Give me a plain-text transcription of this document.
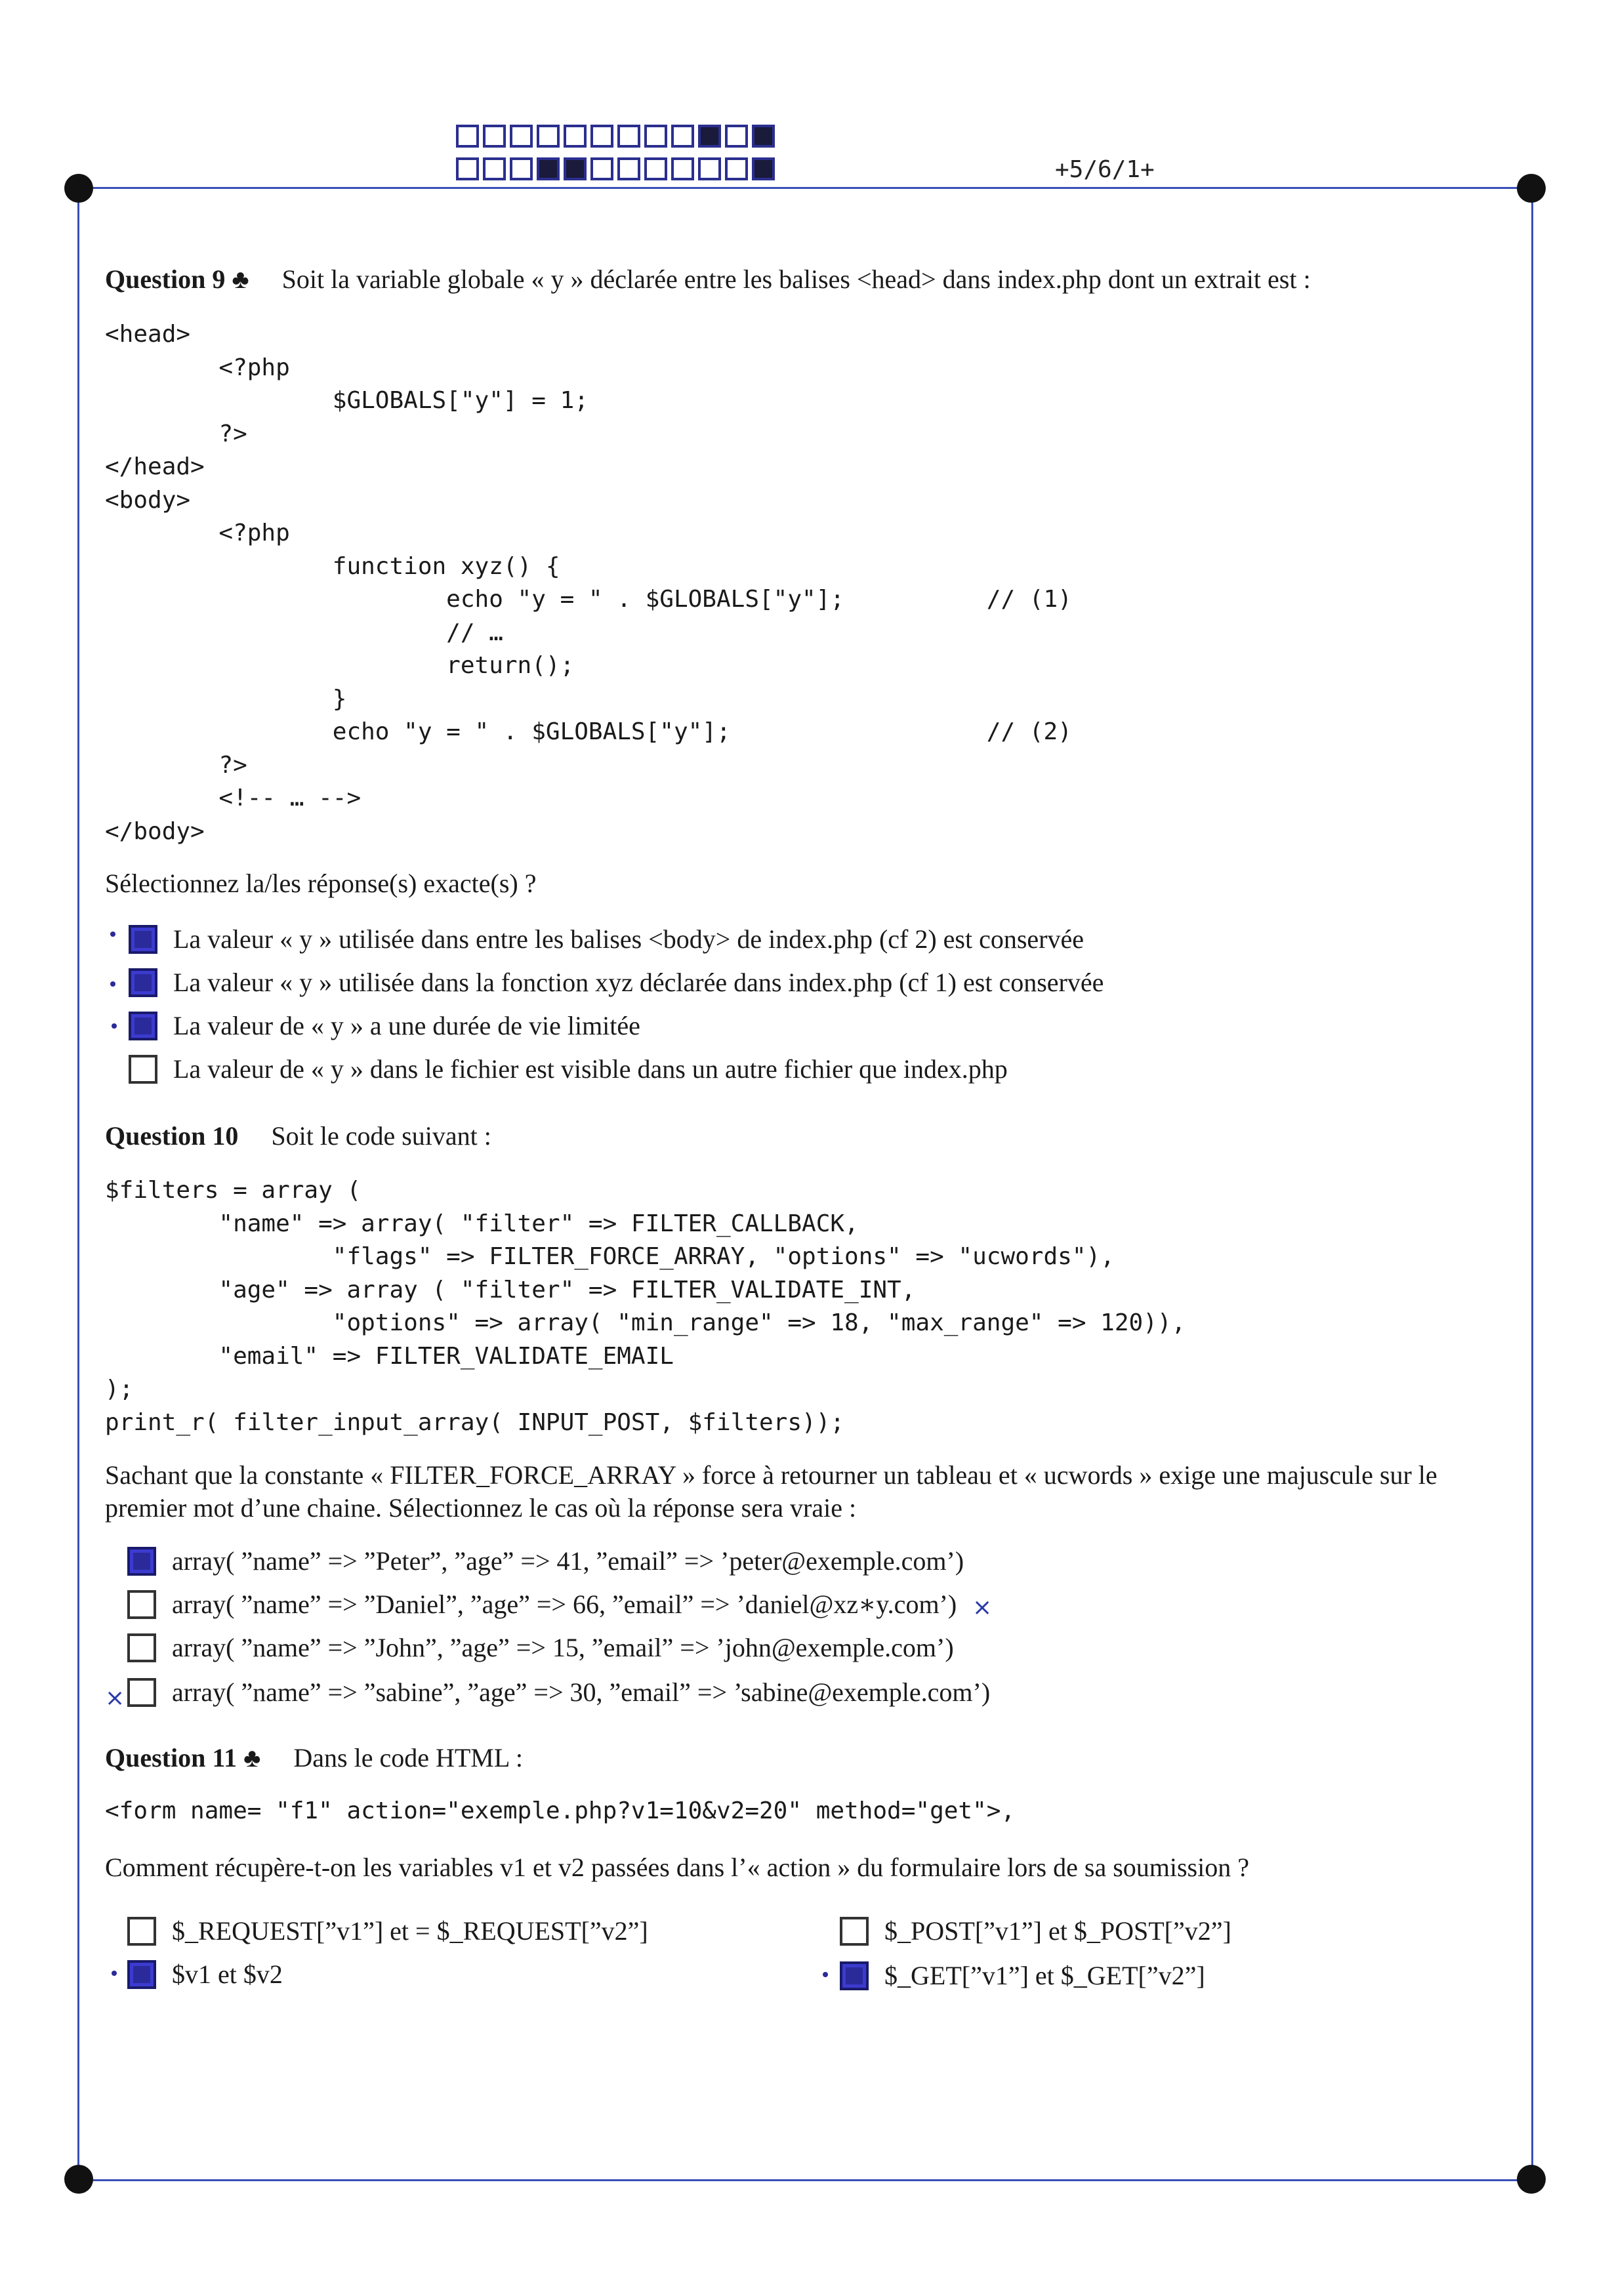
+5/6/1+
Question 9 ♣ Soit la variable globale « y » déclarée entre les balises <head> dans index.php dont un extrait est :
<head>
<?php
$GLOBALS["y"] = 1;
?>
</head>
<body>
<?php
function xyz() {
echo "y = " . $GLOBALS["y"];          // (1)
// …
return();
}
echo "y = " . $GLOBALS["y"];                  // (2)
?>
<!-- … -->
</body>
Sélectionnez la/les réponse(s) exacte(s) ?
La valeur « y » utilisée dans entre les balises <body> de index.php (cf 2) est conservée
La valeur « y » utilisée dans la fonction xyz déclarée dans index.php (cf 1) est conservée
La valeur de « y » a une durée de vie limitée
La valeur de « y » dans le fichier est visible dans un autre fichier que index.php
Question 10 Soit le code suivant :
$filters = array (
"name" => array( "filter" => FILTER_CALLBACK,
"flags" => FILTER_FORCE_ARRAY, "options" => "ucwords"),
"age" => array ( "filter" => FILTER_VALIDATE_INT,
"options" => array( "min_range" => 18, "max_range" => 120)),
"email" => FILTER_VALIDATE_EMAIL
);
print_r( filter_input_array( INPUT_POST, $filters));
Sachant que la constante « FILTER_FORCE_ARRAY » force à retourner un tableau et « ucwords » exige une majuscule sur le
premier mot d’une chaine. Sélectionnez le cas où la réponse sera vraie :
array( ”name” => ”Peter”, ”age” => 41, ”email” => ’peter@exemple.com’)
array( ”name” => ”Daniel”, ”age” => 66, ”email” => ’daniel@xz∗y.com’)
array( ”name” => ”John”, ”age” => 15, ”email” => ’john@exemple.com’)
array( ”name” => ”sabine”, ”age” => 30, ”email” => ’sabine@exemple.com’)
×
×
Question 11 ♣ Dans le code HTML :
<form name= "f1" action="exemple.php?v1=10&v2=20" method="get">,
Comment récupère-t-on les variables v1 et v2 passées dans l’« action » du formulaire lors de sa soumission ?
$_REQUEST[”v1”] et = $_REQUEST[”v2”]	$_POST[”v1”] et $_POST[”v2”]
$v1 et $v2	$_GET[”v1”] et $_GET[”v2”]
